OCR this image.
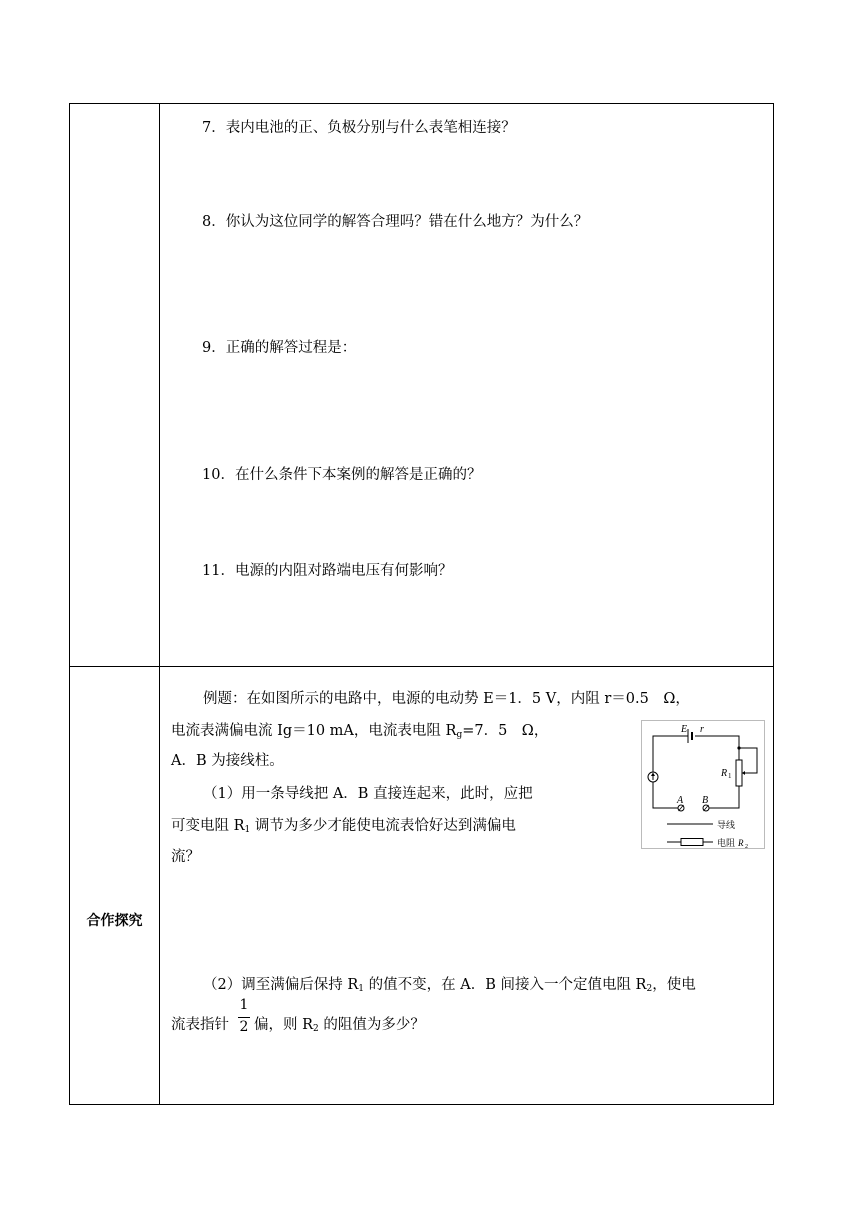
合作探究
7．表内电池的正、负极分别与什么表笔相连接？
8．你认为这位同学的解答合理吗？错在什么地方？为什么？
9．正确的解答过程是：
10．在什么条件下本案例的解答是正确的？
11．电源的内阻对路端电压有何影响？
例题：在如图所示的电路中，电源的电动势 E＝1．5 V，内阻 r＝0.5　Ω，
电流表满偏电流 Ig＝10 mA，电流表电阻 $R_g=7$．5　Ω，
A．B 为接线柱。
（1）用一条导线把 A．B 直接连起来，此时，应把
可变电阻 $R_1$ 调节为多少才能使电流表恰好达到满偏电
流？
（2）调至满偏后保持 $R_1$ 的值不变，在 A．B 间接入一个定值电阻 $R_2$，使电
流表指针
1
2 偏，则 $R_2$ 的阻值为多少？
E r
R 1
A B
导线
电阻 R 2
